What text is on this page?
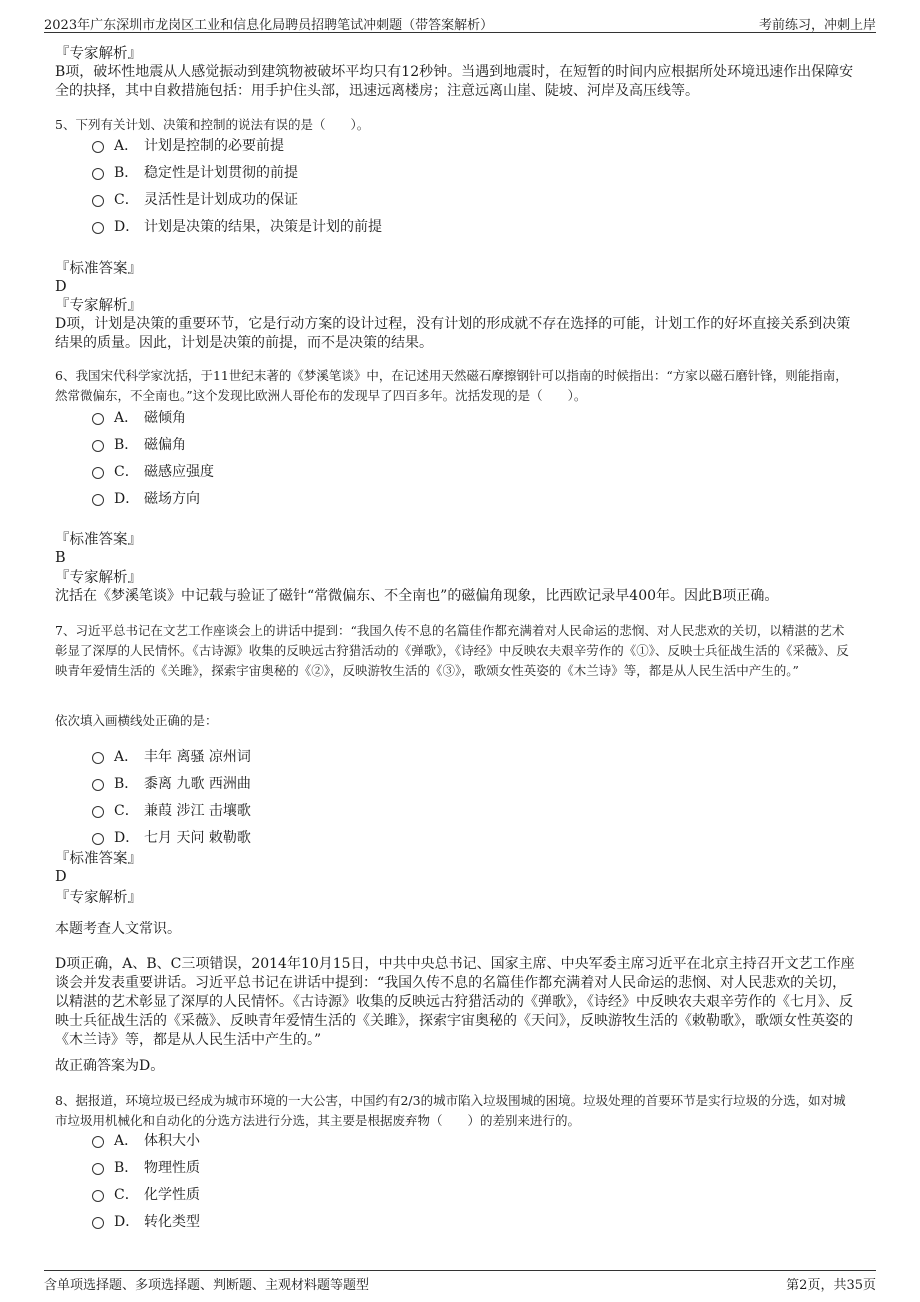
2023年广东深圳市龙岗区工业和信息化局聘员招聘笔试冲刺题（带答案解析）	考前练习，冲刺上岸
『专家解析』
B项，破坏性地震从人感觉振动到建筑物被破坏平均只有12秒钟。当遇到地震时，在短暂的时间内应根据所处环境迅速作出保障安全的抉择，其中自救措施包括：用手护住头部，迅速远离楼房；注意远离山崖、陡坡、河岸及高压线等。
5、下列有关计划、决策和控制的说法有误的是（　　）。
A． 计划是控制的必要前提
B． 稳定性是计划贯彻的前提
C． 灵活性是计划成功的保证
D． 计划是决策的结果，决策是计划的前提
『标准答案』
D
『专家解析』
D项，计划是决策的重要环节，它是行动方案的设计过程，没有计划的形成就不存在选择的可能，计划工作的好坏直接关系到决策结果的质量。因此，计划是决策的前提，而不是决策的结果。
6、我国宋代科学家沈括，于11世纪末著的《梦溪笔谈》中，在记述用天然磁石摩擦钢针可以指南的时候指出：“方家以磁石磨针锋，则能指南，然常微偏东，不全南也。”这个发现比欧洲人哥伦布的发现早了四百多年。沈括发现的是（　　）。
A． 磁倾角
B． 磁偏角
C． 磁感应强度
D． 磁场方向
『标准答案』
B
『专家解析』
沈括在《梦溪笔谈》中记载与验证了磁针“常微偏东、不全南也”的磁偏角现象，比西欧记录早400年。因此B项正确。
7、习近平总书记在文艺工作座谈会上的讲话中提到：“我国久传不息的名篇佳作都充满着对人民命运的悲悯、对人民悲欢的关切，以精湛的艺术彰显了深厚的人民情怀。《古诗源》收集的反映远古狩猎活动的《弹歌》，《诗经》中反映农夫艰辛劳作的《①》、反映士兵征战生活的《采薇》、反映青年爱情生活的《关雎》，探索宇宙奥秘的《②》，反映游牧生活的《③》，歌颂女性英姿的《木兰诗》等，都是从人民生活中产生的。”
依次填入画横线处正确的是：
A． 丰年 离骚 凉州词
B． 黍离 九歌 西洲曲
C． 兼葭 涉江 击壤歌
D． 七月 天问 敕勒歌
『标准答案』
D
『专家解析』
本题考查人文常识。
D项正确，A、B、C三项错误，2014年10月15日，中共中央总书记、国家主席、中央军委主席习近平在北京主持召开文艺工作座谈会并发表重要讲话。习近平总书记在讲话中提到：“我国久传不息的名篇佳作都充满着对人民命运的悲悯、对人民悲欢的关切，以精湛的艺术彰显了深厚的人民情怀。《古诗源》收集的反映远古狩猎活动的《弹歌》，《诗经》中反映农夫艰辛劳作的《七月》、反映士兵征战生活的《采薇》、反映青年爱情生活的《关雎》，探索宇宙奥秘的《天问》，反映游牧生活的《敕勒歌》，歌颂女性英姿的《木兰诗》等，都是从人民生活中产生的。”
故正确答案为D。
8、据报道，环境垃圾已经成为城市环境的一大公害，中国约有2/3的城市陷入垃圾围城的困境。垃圾处理的首要环节是实行垃圾的分选，如对城市垃圾用机械化和自动化的分选方法进行分选，其主要是根据废弃物（　　）的差别来进行的。
A． 体积大小
B． 物理性质
C． 化学性质
D． 转化类型
含单项选择题、多项选择题、判断题、主观材料题等题型	第2页，共35页
